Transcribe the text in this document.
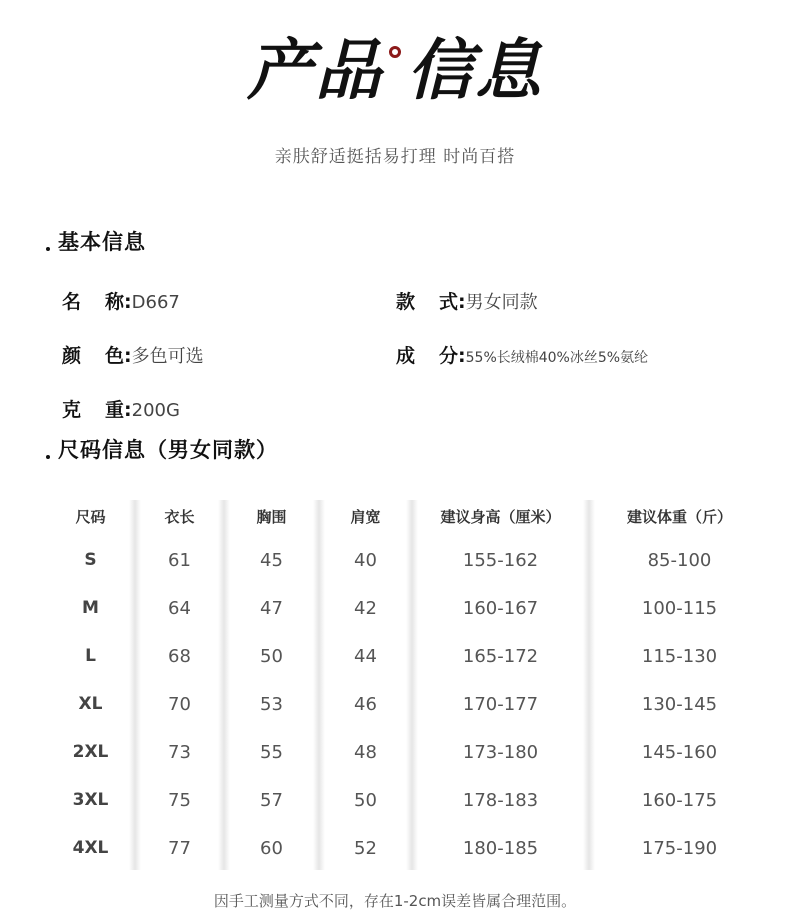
产品 信息
亲肤舒适挺括易打理 时尚百搭
基本信息
名 称: D667	款 式: 男女同款
颜 色: 多色可选	成 分: 55%长绒棉40%冰丝5%氨纶
克 重: 200G
尺码信息（男女同款）
尺码	衣长	胸围	肩宽	建议身高（厘米）	建议体重（斤）
S	61	45	40	155-162	85-100
M	64	47	42	160-167	100-115
L	68	50	44	165-172	115-130
XL	70	53	46	170-177	130-145
2XL	73	55	48	173-180	145-160
3XL	75	57	50	178-183	160-175
4XL	77	60	52	180-185	175-190
因手工测量方式不同，存在1-2cm误差皆属合理范围。
